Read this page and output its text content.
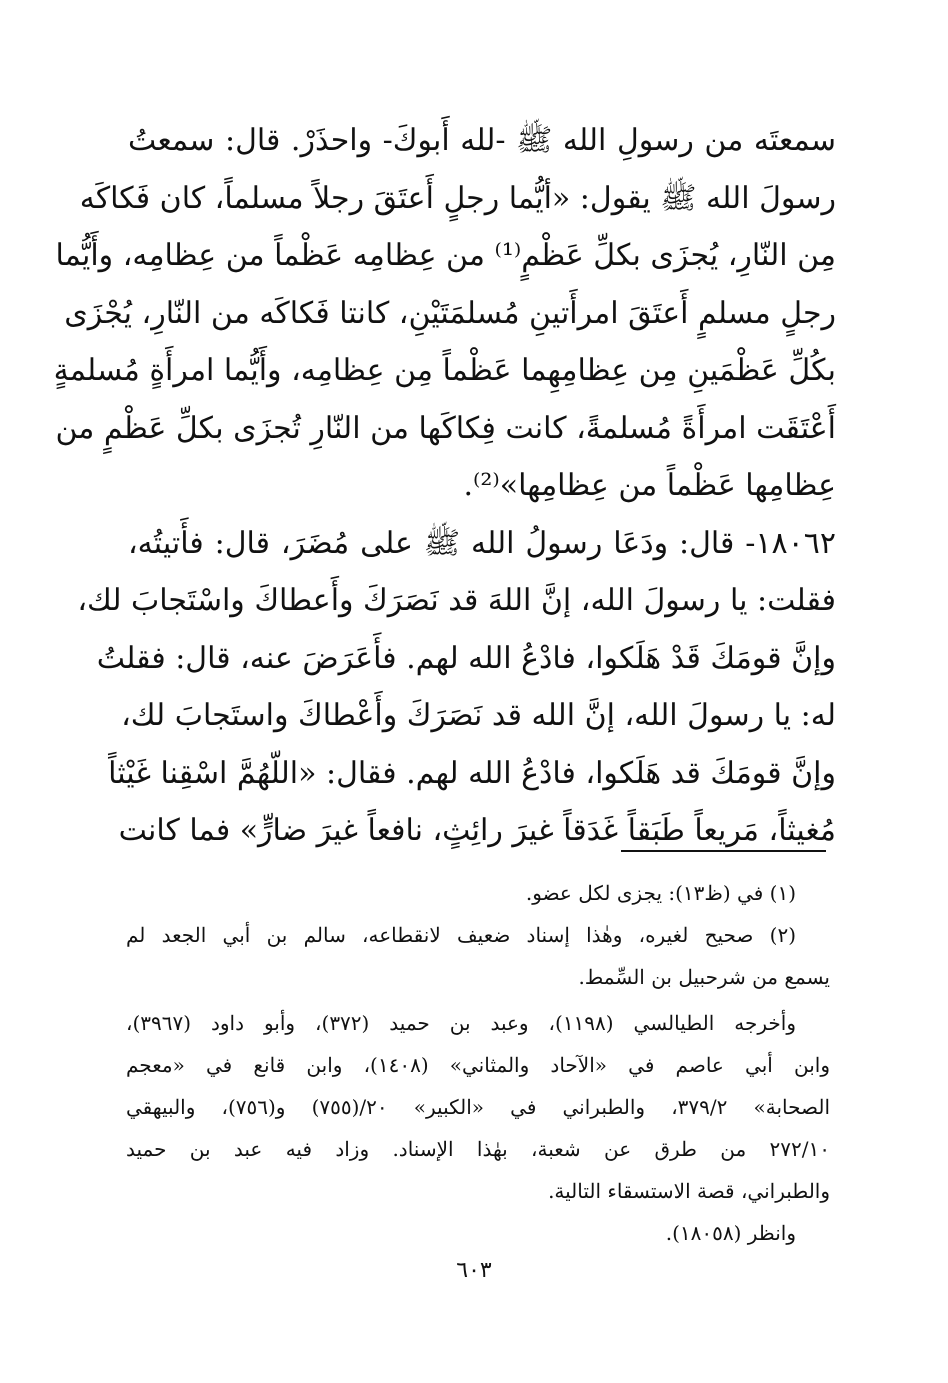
سمعتَه من رسولِ الله ﷺ -لله أَبوكَ- واحذَرْ. قال: سمعتُ
رسولَ الله ﷺ يقول: «أيُّما رجلٍ أَعتَقَ رجلاً مسلماً، كان فَكاكَه
مِن النّارِ، يُجزَى بكلِّ عَظْمٍ⁽¹⁾ من عِظامِه عَظْماً من عِظامِه، وأَيُّما
رجلٍ مسلمٍ أَعتَقَ امرأَتينِ مُسلمَتَيْنِ، كانتا فَكاكَه من النّارِ، يُجْزَى
بكُلِّ عَظْمَينِ مِن عِظامِهِما عَظْماً مِن عِظامِه، وأَيُّما امرأَةٍ مُسلمةٍ
أَعْتَقَت امرأَةً مُسلمةً، كانت فِكاكَها من النّارِ تُجزَى بكلِّ عَظْمٍ من
عِظامِها عَظْماً من عِظامِها»⁽²⁾.
١٨٠٦٢- قال: ودَعَا رسولُ الله ﷺ على مُضَرَ، قال: فأَتيتُه،
فقلت: يا رسولَ الله، إنَّ اللهَ قد نَصَرَكَ وأَعطاكَ واسْتَجابَ لك،
وإنَّ قومَكَ قَدْ هَلَكوا، فادْعُ الله لهم. فأَعَرَضَ عنه، قال: فقلتُ
له: يا رسولَ الله، إنَّ الله قد نَصَرَكَ وأَعْطاكَ واستَجابَ لك،
وإنَّ قومَكَ قد هَلَكوا، فادْعُ الله لهم. فقال: «اللّهُمَّ اسْقِنا غَيْثاً
مُغيثاً، مَريعاً طَبَقاً غَدَقاً غيرَ رائِثٍ، نافعاً غيرَ ضارٍّ» فما كانت
(١) في (ظ١٣): يجزى لكل عضو.
(٢) صحيح لغيره، وهٰذا إسناد ضعيف لانقطاعه، سالم بن أبي الجعد لم
يسمع من شرحبيل بن السِّمط.
وأخرجه الطيالسي (١١٩٨)، وعبد بن حميد (٣٧٢)، وأبو داود (٣٩٦٧)،
وابن أبي عاصم في «الآحاد والمثاني» (١٤٠٨)، وابن قانع في «معجم
الصحابة» ٣٧٩/٢، والطبراني في «الكبير» ٢٠/(٧٥٥) و(٧٥٦)، والبيهقي
٢٧٢/١٠ من طرق عن شعبة، بهٰذا الإسناد. وزاد فيه عبد بن حميد
والطبراني، قصة الاستسقاء التالية.
وانظر (١٨٠٥٨).
٦٠٣
